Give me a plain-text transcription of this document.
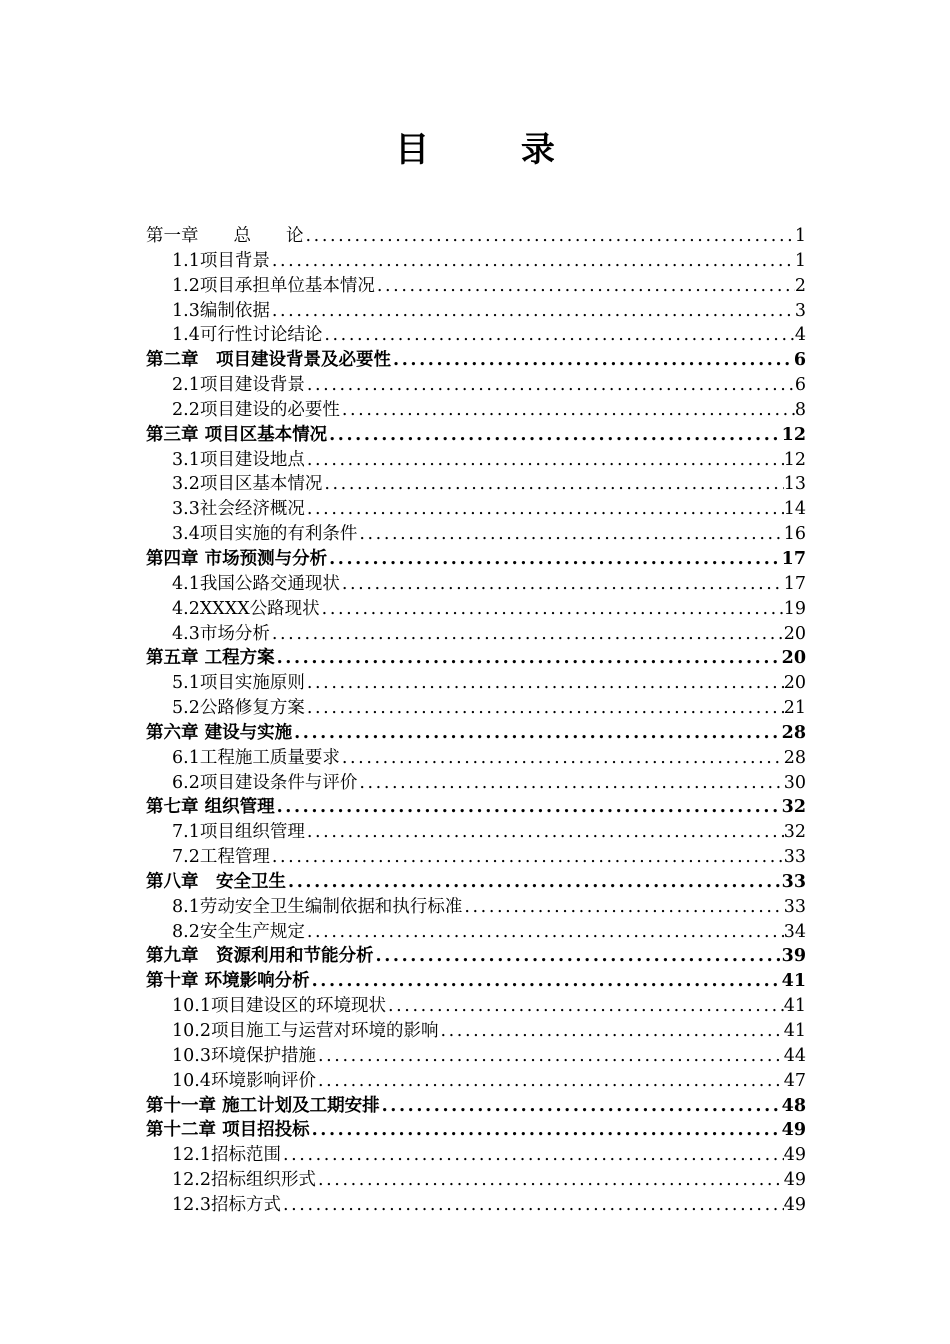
目 录
第一章　　总　　论 .....	1
1.1项目背景 .....	1
1.2项目承担单位基本情况 .....	2
1.3编制依据 .....	3
1.4可行性讨论结论 .....	4
第二章　项目建设背景及必要性 .....	6
2.1项目建设背景 .....	6
2.2项目建设的必要性 .....	8
第三章 项目区基本情况 .....	12
3.1项目建设地点 .....	12
3.2项目区基本情况 .....	13
3.3社会经济概况 .....	14
3.4项目实施的有利条件 .....	16
第四章 市场预测与分析 .....	17
4.1我国公路交通现状 .....	17
4.2XXXX公路现状 .....	19
4.3市场分析 .....	20
第五章 工程方案 .....	20
5.1项目实施原则 .....	20
5.2公路修复方案 .....	21
第六章 建设与实施 .....	28
6.1工程施工质量要求 .....	28
6.2项目建设条件与评价 .....	30
第七章 组织管理 .....	32
7.1项目组织管理 .....	32
7.2工程管理 .....	33
第八章　安全卫生 .....	33
8.1劳动安全卫生编制依据和执行标准 .....	33
8.2安全生产规定 .....	34
第九章　资源利用和节能分析 .....	39
第十章 环境影响分析 .....	41
10.1项目建设区的环境现状 .....	41
10.2项目施工与运营对环境的影响 .....	41
10.3环境保护措施 .....	44
10.4环境影响评价 .....	47
第十一章 施工计划及工期安排 .....	48
第十二章 项目招投标 .....	49
12.1招标范围 .....	49
12.2招标组织形式 .....	49
12.3招标方式 .....	49
